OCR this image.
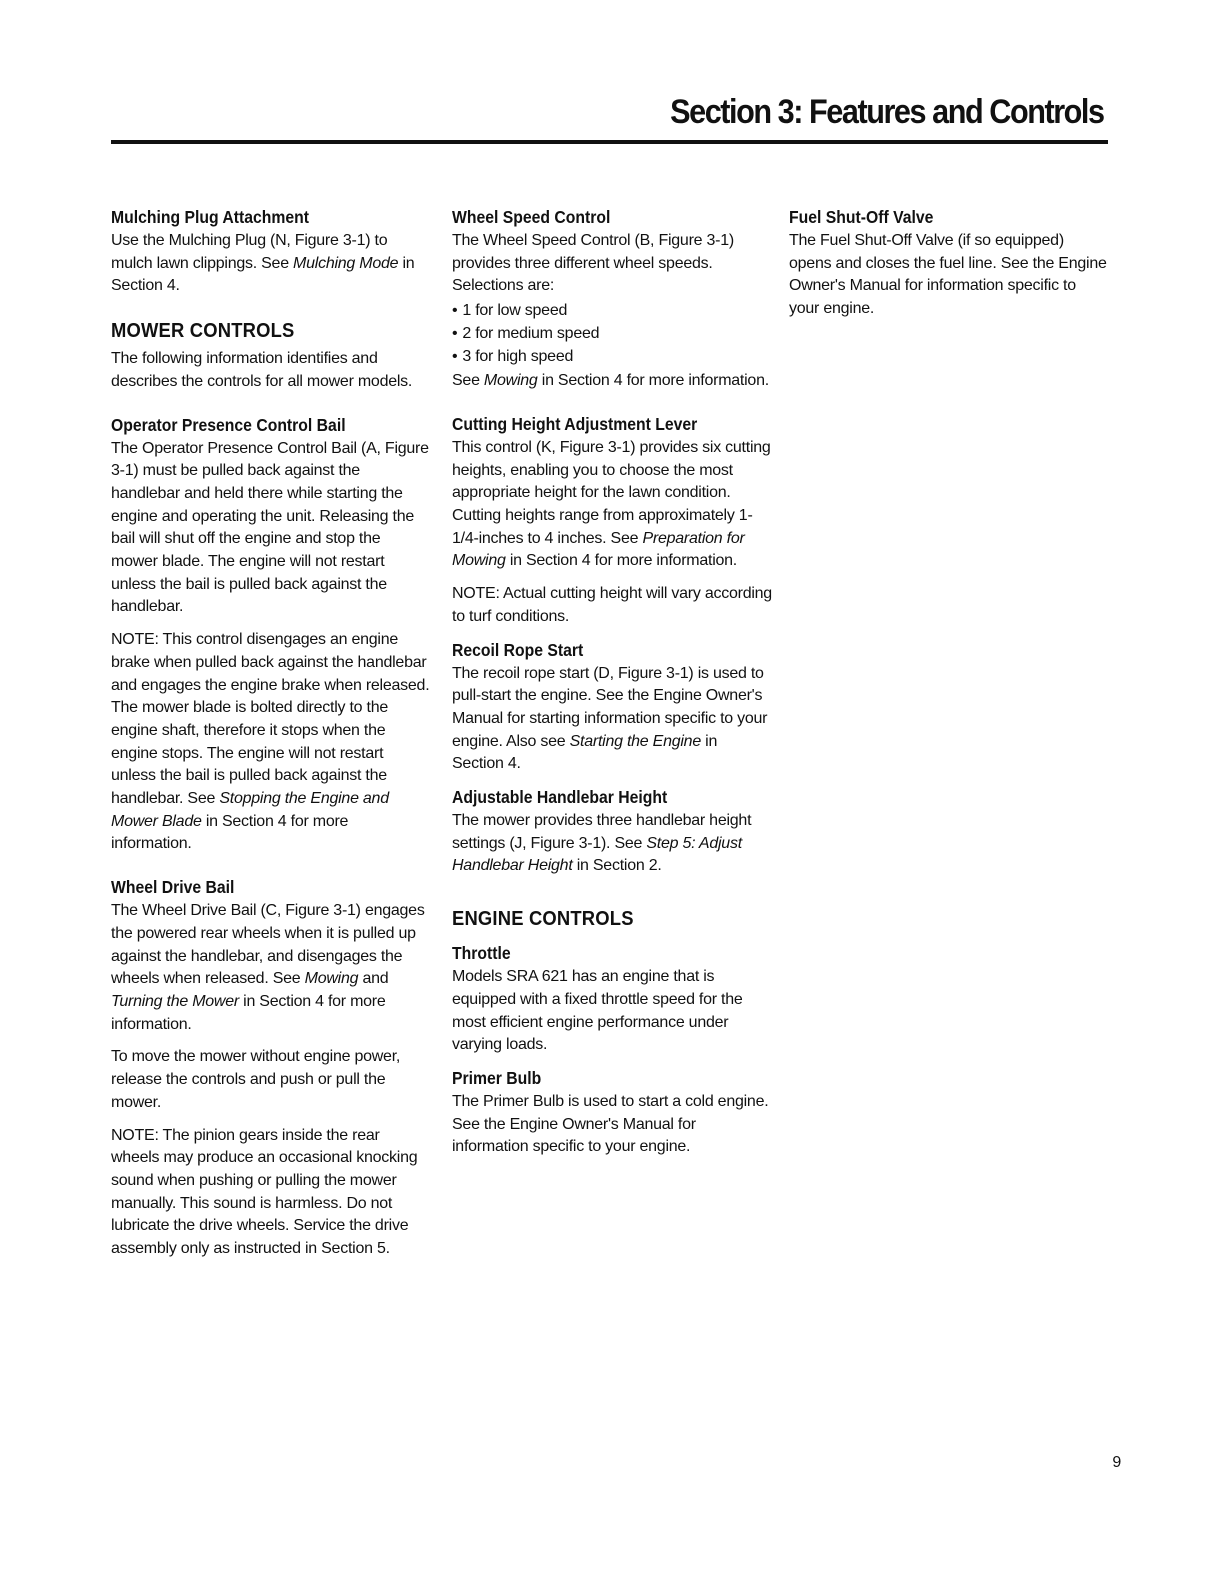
Section 3: Features and Controls
Mulching Plug Attachment

Use the Mulching Plug (N, Figure 3-1) to mulch lawn clippings. See Mulching Mode in Section 4.

MOWER CONTROLS

The following information identifies and describes the controls for all mower models.

Operator Presence Control Bail

The Operator Presence Control Bail (A, Figure 3-1) must be pulled back against the handlebar and held there while starting the engine and operating the unit. Releasing the bail will shut off the engine and stop the mower blade. The engine will not restart unless the bail is pulled back against the handlebar.

NOTE: This control disengages an engine brake when pulled back against the handlebar and engages the engine brake when released. The mower blade is bolted directly to the engine shaft, therefore it stops when the engine stops. The engine will not restart unless the bail is pulled back against the handlebar. See Stopping the Engine and Mower Blade in Section 4 for more information.

Wheel Drive Bail

The Wheel Drive Bail (C, Figure 3-1) engages the powered rear wheels when it is pulled up against the handlebar, and disengages the wheels when released. See Mowing and Turning the Mower in Section 4 for more information.

To move the mower without engine power, release the controls and push or pull the mower.

NOTE: The pinion gears inside the rear wheels may produce an occasional knocking sound when pushing or pulling the mower manually. This sound is harmless. Do not lubricate the drive wheels. Service the drive assembly only as instructed in Section 5.

Wheel Speed Control

The Wheel Speed Control (B, Figure 3-1) provides three different wheel speeds. Selections are:

• 1 for low speed
• 2 for medium speed
• 3 for high speed

See Mowing in Section 4 for more information.

Cutting Height Adjustment Lever

This control (K, Figure 3-1) provides six cutting heights, enabling you to choose the most appropriate height for the lawn condition. Cutting heights range from approximately 1-1/4-inches to 4 inches. See Preparation for Mowing in Section 4 for more information.

NOTE: Actual cutting height will vary according to turf conditions.

Recoil Rope Start

The recoil rope start (D, Figure 3-1) is used to pull-start the engine. See the Engine Owner's Manual for starting information specific to your engine. Also see Starting the Engine in Section 4.

Adjustable Handlebar Height

The mower provides three handlebar height settings (J, Figure 3-1). See Step 5: Adjust Handlebar Height in Section 2.

ENGINE CONTROLS
Throttle

Models SRA 621 has an engine that is equipped with a fixed throttle speed for the most efficient engine performance under varying loads.

Primer Bulb

The Primer Bulb is used to start a cold engine. See the Engine Owner's Manual for information specific to your engine.

Fuel Shut-Off Valve

The Fuel Shut-Off Valve (if so equipped) opens and closes the fuel line. See the Engine Owner's Manual for information specific to your engine.

9
